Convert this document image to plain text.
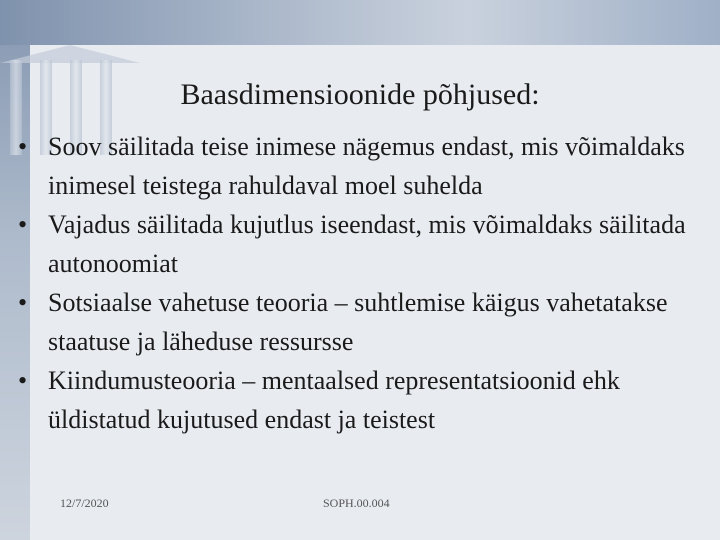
Baasdimensioonide põhjused:
• Soov säilitada teise inimese nägemus endast, mis võimaldaks inimesel teistega rahuldaval moel suhelda
• Vajadus säilitada kujutlus iseendast, mis võimaldaks säilitada autonoomiat
• Sotsiaalse vahetuse teooria – suhtlemise käigus vahetatakse staatuse ja läheduse ressursse
• Kiindumusteooria – mentaalsed representatsioonid ehk üldistatud kujutused endast ja teistest
12/7/2020	SOPH.00.004
